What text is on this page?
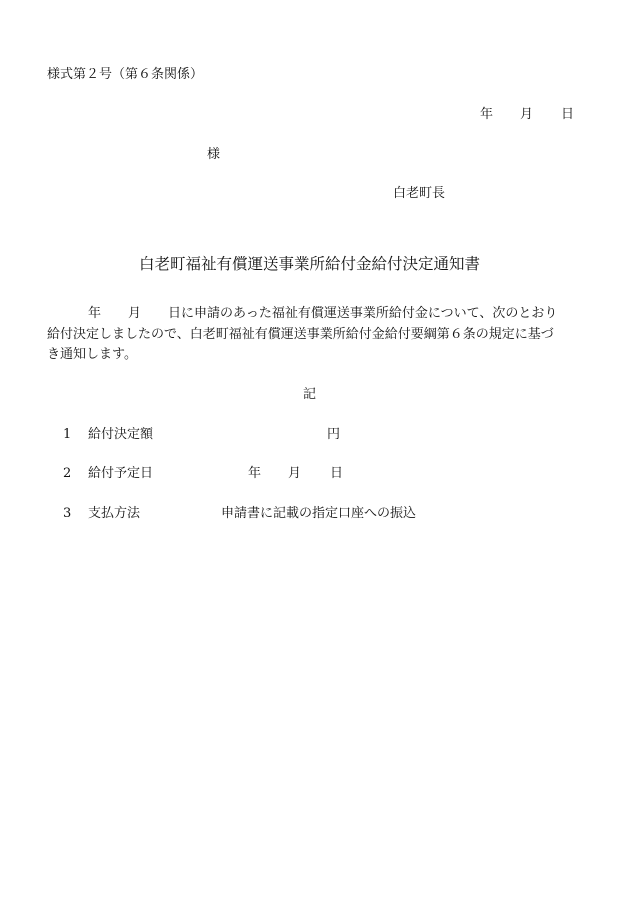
様式第２号（第６条関係）
年 月 日
様
白老町長
白老町福祉有償運送事業所給付金給付決定通知書
年 月 日に申請のあった福祉有償運送事業所給付金について、次のとおり
給付決定しましたので、白老町福祉有償運送事業所給付金給付要綱第６条の規定に基づ
き通知します。
記
1 給付決定額	円
2 給付予定日	年 月 日
3 支払方法	申請書に記載の指定口座への振込
